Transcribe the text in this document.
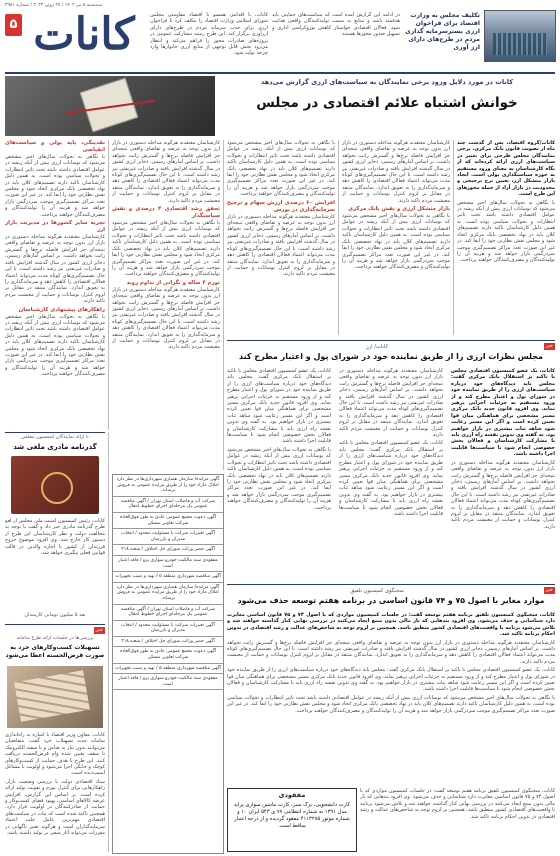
سه‌شنبه ۵ تیر ۱۴۰۲ / ۲۷ ژوئن ۲۰۲۳ / شماره ۳۹۸۱
۵ کانات	کانات، با اقدامی همسو با اقتصاد مقاومتی مجلس شورای اسلامی وزارت اقتصاد را مکلف کرد تا فراخوان ارزی برای جذب سرمایه مردم در طرح‌های دارای ارزآوری برگزار کند. این طرح زمینه مشارکت عمومی در پروژه‌های صادرات محور را فراهم می‌کند و انتظار می‌رود بخش قابل توجهی از منابع ارزی خانوارها وارد چرخه تولید شود.
در ادامه این گزارش آمده است که سیاست‌های حمایتی باید هدفمند باشد و منابع به سمت تولیدکنندگان واقعی هدایت شود. فعالان اقتصادی خواستار کاهش بوروکراسی اداری و تسهیل صدور مجوزها هستند.
تکلیف مجلس به وزارت اقتصاد برای فراخوان ارزی بسترسرمایه گذاری مردم در طرح‌های دارای ارز آوری
کانات در مورد دلایل ورود برخی نمایندگان به سیاست‌های ارزی گزارش می‌دهد
خوانش اشتباه علائم اقتصادی در مجلس
نقدینگی، پایه پولی و سیاست‌های انقباضی

با نگاهی به تحولات سال‌های اخیر مشخص می‌شود که نوسانات ارزی بیش از آنکه ریشه در عوامل اقتصادی داشته باشد تحت تاثیر انتظارات و تحولات سیاسی بوده است. به همین دلیل کارشناسان تاکید دارند تصمیم‌های کلان باید در نهاد تخصصی بانک مرکزی اتخاذ شود و مجلس نقش نظارتی خود را ایفا کند. در غیر این صورت تعدد مراکز تصمیم‌گیری موجب سردرگمی بازار خواهد شد و هزینه آن را تولیدکنندگان و مصرف‌کنندگان خواهند پرداخت.

تجربه سایر کشورها در مدیریت بازار ارز

کارشناسان معتقدند هرگونه مداخله دستوری در بازار ارز بدون توجه به عرضه و تقاضای واقعی نتیجه‌ای جز افزایش فاصله نرخ‌ها و گسترش رانت نخواهد داشت. بر اساس آمارهای رسمی، ذخایر ارزی کشور در سال گذشته افزایش یافته و صادرات غیرنفتی نیز رشد داشته است. با این حال تصمیم‌گیری‌های کوتاه مدت می‌تواند اعتماد فعالان اقتصادی را کاهش دهد و سرمایه‌گذاری را به تعویق اندازد. نمایندگان منتقد در مقابل بر لزوم کنترل نوسانات و حمایت از معیشت مردم تاکید دارند.

راهکارهای پیشنهادی کارشناسان

با نگاهی به تحولات سال‌های اخیر مشخص می‌شود که نوسانات ارزی بیش از آنکه ریشه در عوامل اقتصادی داشته باشد تحت تاثیر انتظارات و تحولات سیاسی بوده است. به همین دلیل کارشناسان تاکید دارند تصمیم‌های کلان باید در نهاد تخصصی بانک مرکزی اتخاذ شود و مجلس نقش نظارتی خود را ایفا کند. در غیر این صورت تعدد مراکز تصمیم‌گیری موجب سردرگمی بازار خواهد شد و هزینه آن را تولیدکنندگان و مصرف‌کنندگان خواهند پرداخت.

کارشناسان معتقدند هرگونه مداخله دستوری در بازار ارز بدون توجه به عرضه و تقاضای واقعی نتیجه‌ای جز افزایش فاصله نرخ‌ها و گسترش رانت نخواهد داشت. بر اساس آمارهای رسمی، ذخایر ارزی کشور در سال گذشته افزایش یافته و صادرات غیرنفتی نیز رشد داشته است. با این حال تصمیم‌گیری‌های کوتاه مدت می‌تواند اعتماد فعالان اقتصادی را کاهش دهد و سرمایه‌گذاری را به تعویق اندازد. نمایندگان منتقد در مقابل بر لزوم کنترل نوسانات و حمایت از معیشت مردم تاکید دارند.

تحقق رشد اقتصادی ۴ درصدی و نقش سیاستگذار

با نگاهی به تحولات سال‌های اخیر مشخص می‌شود که نوسانات ارزی بیش از آنکه ریشه در عوامل اقتصادی داشته باشد تحت تاثیر انتظارات و تحولات سیاسی بوده است. به همین دلیل کارشناسان تاکید دارند تصمیم‌های کلان باید در نهاد تخصصی بانک مرکزی اتخاذ شود و مجلس نقش نظارتی خود را ایفا کند. در غیر این صورت تعدد مراکز تصمیم‌گیری موجب سردرگمی بازار خواهد شد و هزینه آن را تولیدکنندگان و مصرف‌کنندگان خواهند پرداخت.

تورم ۴ ساله و نگرانی از تداوم روند

کارشناسان معتقدند هرگونه مداخله دستوری در بازار ارز بدون توجه به عرضه و تقاضای واقعی نتیجه‌ای جز افزایش فاصله نرخ‌ها و گسترش رانت نخواهد داشت. بر اساس آمارهای رسمی، ذخایر ارزی کشور در سال گذشته افزایش یافته و صادرات غیرنفتی نیز رشد داشته است. با این حال تصمیم‌گیری‌های کوتاه مدت می‌تواند اعتماد فعالان اقتصادی را کاهش دهد و سرمایه‌گذاری را به تعویق اندازد. نمایندگان منتقد در مقابل بر لزوم کنترل نوسانات و حمایت از معیشت مردم تاکید دارند.

با نگاهی به تحولات سال‌های اخیر مشخص می‌شود که نوسانات ارزی بیش از آنکه ریشه در عوامل اقتصادی داشته باشد تحت تاثیر انتظارات و تحولات سیاسی بوده است. به همین دلیل کارشناسان تاکید دارند تصمیم‌های کلان باید در نهاد تخصصی بانک مرکزی اتخاذ شود و مجلس نقش نظارتی خود را ایفا کند. در غیر این صورت تعدد مراکز تصمیم‌گیری موجب سردرگمی بازار خواهد شد و هزینه آن را تولیدکنندگان و مصرف‌کنندگان خواهند پرداخت.

افزایش ۶۰ درصدی ارزش سهام و ترجیح سرمایه‌گذاری در بورس

کارشناسان معتقدند هرگونه مداخله دستوری در بازار ارز بدون توجه به عرضه و تقاضای واقعی نتیجه‌ای جز افزایش فاصله نرخ‌ها و گسترش رانت نخواهد داشت. بر اساس آمارهای رسمی، ذخایر ارزی کشور در سال گذشته افزایش یافته و صادرات غیرنفتی نیز رشد داشته است. با این حال تصمیم‌گیری‌های کوتاه مدت می‌تواند اعتماد فعالان اقتصادی را کاهش دهد و سرمایه‌گذاری را به تعویق اندازد. نمایندگان منتقد در مقابل بر لزوم کنترل نوسانات و حمایت از معیشت مردم تاکید دارند.

کارشناسان معتقدند هرگونه مداخله دستوری در بازار ارز بدون توجه به عرضه و تقاضای واقعی نتیجه‌ای جز افزایش فاصله نرخ‌ها و گسترش رانت نخواهد داشت. بر اساس آمارهای رسمی، ذخایر ارزی کشور در سال گذشته افزایش یافته و صادرات غیرنفتی نیز رشد داشته است. با این حال تصمیم‌گیری‌های کوتاه مدت می‌تواند اعتماد فعالان اقتصادی را کاهش دهد و سرمایه‌گذاری را به تعویق اندازد. نمایندگان منتقد در مقابل بر لزوم کنترل نوسانات و حمایت از معیشت مردم تاکید دارند.

بازار متشکل ارزی و نقش بانک مرکزی

با نگاهی به تحولات سال‌های اخیر مشخص می‌شود که نوسانات ارزی بیش از آنکه ریشه در عوامل اقتصادی داشته باشد تحت تاثیر انتظارات و تحولات سیاسی بوده است. به همین دلیل کارشناسان تاکید دارند تصمیم‌های کلان باید در نهاد تخصصی بانک مرکزی اتخاذ شود و مجلس نقش نظارتی خود را ایفا کند. در غیر این صورت تعدد مراکز تصمیم‌گیری موجب سردرگمی بازار خواهد شد و هزینه آن را تولیدکنندگان و مصرف‌کنندگان خواهند پرداخت.

کانات/گروه اقتصاد، پس از گذشت چند ماه از تصویب قانون بانک مرکزی، برخی نمایندگان مجلس طرحی برای تغییر در سیاست‌های ارزی ارائه کرده‌اند که از نگاه کارشناسان به معنای ورود مستقیم به حوزه سیاستگذاری پولی است. ایجاد بازار متشکل ارز، تعیین نرخ ترجیحی و محدودیت در بازار آزاد از جمله محورهای این طرح است.

با نگاهی به تحولات سال‌های اخیر مشخص می‌شود که نوسانات ارزی بیش از آنکه ریشه در عوامل اقتصادی داشته باشد تحت تاثیر انتظارات و تحولات سیاسی بوده است. به همین دلیل کارشناسان تاکید دارند تصمیم‌های کلان باید در نهاد تخصصی بانک مرکزی اتخاذ شود و مجلس نقش نظارتی خود را ایفا کند. در غیر این صورت تعدد مراکز تصمیم‌گیری موجب سردرگمی بازار خواهد شد و هزینه آن را تولیدکنندگان و مصرف‌کنندگان خواهند پرداخت.

خبر
کانات/ ارز
مجلس نظرات ارزی را از طریق نماینده خود در شورای پول و اعتبار مطرح کند

کانات، یک عضو کمیسیون اقتصادی مجلس با تاکید بر استقلال بانک مرکزی گفت: مجلس باید دیدگاه‌های خود درباره سیاست‌های ارزی را از طریق نماینده خود در شورای پول و اعتبار مطرح کند و از ورود مستقیم به جزئیات اجرایی پرهیز نماید. وی افزود قانون جدید بانک مرکزی مسیر مشخصی برای هماهنگی میان قوا تعیین کرده است و اگر این مسیر رعایت شود شاهد ثبات بیشتری در بازار خواهیم بود. به گفته وی تدوین نقشه راه ارزی باید با مشارکت کارشناسان و فعالان بخش خصوصی انجام شود تا سیاست‌ها قابلیت اجرا داشته باشد.

با نگاهی به تحولات سال‌های اخیر مشخص می‌شود که نوسانات ارزی بیش از آنکه ریشه در عوامل اقتصادی داشته باشد تحت تاثیر انتظارات و تحولات سیاسی بوده است. به همین دلیل کارشناسان تاکید دارند تصمیم‌های کلان باید در نهاد تخصصی بانک مرکزی اتخاذ شود و مجلس نقش نظارتی خود را ایفا کند. در غیر این صورت تعدد مراکز تصمیم‌گیری موجب سردرگمی بازار خواهد شد و هزینه آن را تولیدکنندگان و مصرف‌کنندگان خواهند پرداخت.

کارشناسان معتقدند هرگونه مداخله دستوری در بازار ارز بدون توجه به عرضه و تقاضای واقعی نتیجه‌ای جز افزایش فاصله نرخ‌ها و گسترش رانت نخواهد داشت. بر اساس آمارهای رسمی، ذخایر ارزی کشور در سال گذشته افزایش یافته و صادرات غیرنفتی نیز رشد داشته است. با این حال تصمیم‌گیری‌های کوتاه مدت می‌تواند اعتماد فعالان اقتصادی را کاهش دهد و سرمایه‌گذاری را به تعویق اندازد. نمایندگان منتقد در مقابل بر لزوم کنترل نوسانات و حمایت از معیشت مردم تاکید دارند.

کانات، یک عضو کمیسیون اقتصادی مجلس با تاکید بر استقلال بانک مرکزی گفت: مجلس باید دیدگاه‌های خود درباره سیاست‌های ارزی را از طریق نماینده خود در شورای پول و اعتبار مطرح کند و از ورود مستقیم به جزئیات اجرایی پرهیز نماید. وی افزود قانون جدید بانک مرکزی مسیر مشخصی برای هماهنگی میان قوا تعیین کرده است و اگر این مسیر رعایت شود شاهد ثبات بیشتری در بازار خواهیم بود. به گفته وی تدوین نقشه راه ارزی باید با مشارکت کارشناسان و فعالان بخش خصوصی انجام شود تا سیاست‌ها قابلیت اجرا داشته باشد.

کانات، یک عضو کمیسیون اقتصادی مجلس با تاکید بر استقلال بانک مرکزی گفت: مجلس باید دیدگاه‌های خود درباره سیاست‌های ارزی را از طریق نماینده خود در شورای پول و اعتبار مطرح کند و از ورود مستقیم به جزئیات اجرایی پرهیز نماید. وی افزود قانون جدید بانک مرکزی مسیر مشخصی برای هماهنگی میان قوا تعیین کرده است و اگر این مسیر رعایت شود شاهد ثبات بیشتری در بازار خواهیم بود. به گفته وی تدوین نقشه راه ارزی باید با مشارکت کارشناسان و فعالان بخش خصوصی انجام شود تا سیاست‌ها قابلیت اجرا داشته باشد.

کارشناسان معتقدند هرگونه مداخله دستوری در بازار ارز بدون توجه به عرضه و تقاضای واقعی نتیجه‌ای جز افزایش فاصله نرخ‌ها و گسترش رانت نخواهد داشت. بر اساس آمارهای رسمی، ذخایر ارزی کشور در سال گذشته افزایش یافته و صادرات غیرنفتی نیز رشد داشته است. با این حال تصمیم‌گیری‌های کوتاه مدت می‌تواند اعتماد فعالان اقتصادی را کاهش دهد و سرمایه‌گذاری را به تعویق اندازد. نمایندگان منتقد در مقابل بر لزوم کنترل نوسانات و حمایت از معیشت مردم تاکید دارند.

با ارائه نمایندگان کمیسیون مجلس
گذرنامه مادری ملغی شد
کانات، رئیس کمیسیون امنیت ملی مجلس از لغو طرح گذرنامه مادری خبر داد و گفت با توجه به مخالفت دولت و نظر کارشناسان این طرح از دستور کار خارج شد. وی افزود موضوع خروج فرزندان از کشور با اجازه والدین در قالب قوانین فعلی پیگیری خواهد شد.
نقد ۵ میلیون تومانی کارمندان
خبر
بررسی‌ها در جلسات ارائه طرح سامانه
تسهیلات کسب‌وکارهای خرد به صورت قرض‌الحسنه اعطا می‌شود

کانات، معاون وزیر اقتصاد با اشاره به راه‌اندازی سامانه جدید تسهیلات خرد گفت: متقاضیان می‌توانند بدون نیاز به ضامن و با سفته الکترونیک تا سقف تعیین شده وام قرض‌الحسنه دریافت کنند. این طرح با هدف حمایت از کسب‌وکارهای کوچک و خانگی اجرا می‌شود و اولویت با مشاغل آسیب‌دیده است.

ستاد اقتصادی دولت با بررسی وضعیت بازار، راهکارهایی برای کنترل تورم و تقویت تولید ارائه کرده است. بر اساس این گزارش، افزایش عرضه کالاهای اساسی، بهبود فضای کسب‌وکار و حمایت از صادرکنندگان در اولویت قرار دارد. همچنین تاکید شده است که ثبات در سیاست‌های اقتصادی مهم‌ترین عامل جلب اعتماد سرمایه‌گذاران است و هرگونه تغییر ناگهانی در مقررات می‌تواند آثار منفی بر تولید داشته باشد.

آگهی مزایده/ سازمان همیاری شهرداری‌ها در نظر دارد املاک مازاد خود را از طریق مزایده عمومی به فروش برساند.
شرکت آب و فاضلاب استان تهران / آگهی مناقصه عمومی یک مرحله‌ای اجرای خطوط انتقال
آگهی دعوت مجمع عمومی عادی به طور فوق‌العاده شرکت تعاونی مسکن
آگهی تغییرات شرکت با مسئولیت محدود / انتخاب مدیران و بازرسان
آگهی حصر وراثت شورای حل اختلاف / شعبه ۲۱۸
مفقودی سند مالکیت خودرو سواری پژو / فاقد اعتبار است
آگهی مناقصه شهرداری منطقه ۵ / تهیه و نصب تجهیزات
آگهی مزایده/ سازمان همیاری شهرداری‌ها در نظر دارد املاک مازاد خود را از طریق مزایده عمومی به فروش برساند.
شرکت آب و فاضلاب استان تهران / آگهی مناقصه عمومی یک مرحله‌ای اجرای خطوط انتقال
آگهی تغییرات شرکت با مسئولیت محدود / انتخاب مدیران و بازرسان
آگهی حصر وراثت شورای حل اختلاف / شعبه ۲۱۸
آگهی دعوت مجمع عمومی عادی به طور فوق‌العاده شرکت تعاونی مسکن
آگهی مناقصه شهرداری منطقه ۵ / تهیه و نصب تجهیزات
مفقودی سند مالکیت خودرو سواری پژو / فاقد اعتبار است
خبر
سخنگوی کمیسیون تلفیق
موارد مغایر با اصول ۷۵ و ۷۴ قانون اساسی در برنامه هفتم توسعه حذف می‌شود

کانات، سخنگوی کمیسیون تلفیق برنامه هفتم توسعه گفت: در جلسات کمیسیون مواردی که با اصول ۷۴ و ۷۵ قانون اساسی مغایرت دارد شناسایی و حذف می‌شود. وی افزود بندهایی که بار مالی بدون منبع ایجاد می‌کنند در بررسی نهایی کنار گذاشته خواهند شد و تلاش می‌شود برنامه با واقعیت‌های اقتصادی کشور منطبق باشد. همچنین بر لزوم توجه به شاخص‌های عدالت و رشد اقتصادی در تدوین احکام برنامه تاکید شد.

کارشناسان معتقدند هرگونه مداخله دستوری در بازار ارز بدون توجه به عرضه و تقاضای واقعی نتیجه‌ای جز افزایش فاصله نرخ‌ها و گسترش رانت نخواهد داشت. بر اساس آمارهای رسمی، ذخایر ارزی کشور در سال گذشته افزایش یافته و صادرات غیرنفتی نیز رشد داشته است. با این حال تصمیم‌گیری‌های کوتاه مدت می‌تواند اعتماد فعالان اقتصادی را کاهش دهد و سرمایه‌گذاری را به تعویق اندازد. نمایندگان منتقد در مقابل بر لزوم کنترل نوسانات و حمایت از معیشت مردم تاکید دارند.

کانات، یک عضو کمیسیون اقتصادی مجلس با تاکید بر استقلال بانک مرکزی گفت: مجلس باید دیدگاه‌های خود درباره سیاست‌های ارزی را از طریق نماینده خود در شورای پول و اعتبار مطرح کند و از ورود مستقیم به جزئیات اجرایی پرهیز نماید. وی افزود قانون جدید بانک مرکزی مسیر مشخصی برای هماهنگی میان قوا تعیین کرده است و اگر این مسیر رعایت شود شاهد ثبات بیشتری در بازار خواهیم بود. به گفته وی تدوین نقشه راه ارزی باید با مشارکت کارشناسان و فعالان بخش خصوصی انجام شود تا سیاست‌ها قابلیت اجرا داشته باشد.

با نگاهی به تحولات سال‌های اخیر مشخص می‌شود که نوسانات ارزی بیش از آنکه ریشه در عوامل اقتصادی داشته باشد تحت تاثیر انتظارات و تحولات سیاسی بوده است. به همین دلیل کارشناسان تاکید دارند تصمیم‌های کلان باید در نهاد تخصصی بانک مرکزی اتخاذ شود و مجلس نقش نظارتی خود را ایفا کند. در غیر این صورت تعدد مراکز تصمیم‌گیری موجب سردرگمی بازار خواهد شد و هزینه آن را تولیدکنندگان و مصرف‌کنندگان خواهند پرداخت.

مفقودی
کارت دانشجویی، برگ سبز، کارت ماشین سواری پراید مدل ۱۳۹۱ به شماره انتظامی ۷۷ ی ۵۴۳ ایران ۱۰ و شماره موتور ۴۱۱۳۲۸۵ مفقود گردیده و از درجه اعتبار ساقط است.

کانات، سخنگوی کمیسیون تلفیق برنامه هفتم توسعه گفت: در جلسات کمیسیون مواردی که با اصول ۷۴ و ۷۵ قانون اساسی مغایرت دارد شناسایی و حذف می‌شود. وی افزود بندهایی که بار مالی بدون منبع ایجاد می‌کنند در بررسی نهایی کنار گذاشته خواهند شد و تلاش می‌شود برنامه با واقعیت‌های اقتصادی کشور منطبق باشد. همچنین بر لزوم توجه به شاخص‌های عدالت و رشد اقتصادی در تدوین احکام برنامه تاکید شد.
